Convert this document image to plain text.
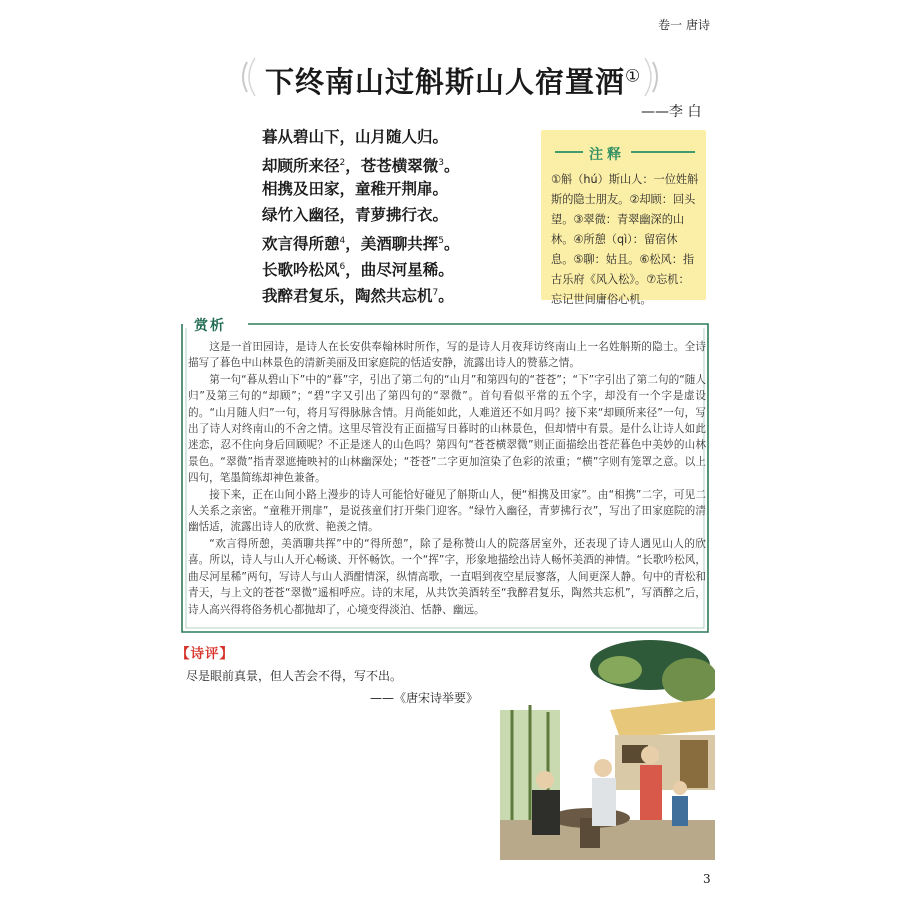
卷一 唐诗
下终南山过斛斯山人宿置酒①
——李 白
暮从碧山下，山月随人归。
却顾所来径$^2$，苍苍横翠微$^3$。
相携及田家，童稚开荆扉。
绿竹入幽径，青萝拂行衣。
欢言得所憩$^4$，美酒聊共挥$^5$。
长歌吟松风$^6$，曲尽河星稀。
我醉君复乐，陶然共忘机$^7$。
注释
①斛（hú）斯山人：一位姓斛斯的隐士朋友。②却顾：回头望。③翠微：青翠幽深的山林。④所憩（qì）：留宿休息。⑤聊：姑且。⑥松风：指古乐府《风入松》。⑦忘机：忘记世间庸俗心机。
赏析

这是一首田园诗，是诗人在长安供奉翰林时所作，写的是诗人月夜拜访终南山上一名姓斛斯的隐士。全诗描写了暮色中山林景色的清新美丽及田家庭院的恬适安静，流露出诗人的赞慕之情。

第一句“暮从碧山下”中的“暮”字，引出了第二句的“山月”和第四句的“苍苍”；“下”字引出了第二句的“随人归”及第三句的“却顾”；“碧”字又引出了第四句的“翠微”。首句看似平常的五个字，却没有一个字是虚设的。“山月随人归”一句，将月写得脉脉含情。月尚能如此，人难道还不如月吗？接下来“却顾所来径”一句，写出了诗人对终南山的不舍之情。这里尽管没有正面描写日暮时的山林景色，但却情中有景。是什么让诗人如此迷恋，忍不住向身后回顾呢？不正是迷人的山色吗？第四句“苍苍横翠微”则正面描绘出苍茫暮色中美妙的山林景色。“翠微”指青翠遮掩映衬的山林幽深处；“苍苍”二字更加渲染了色彩的浓重；“横”字则有笼罩之意。以上四句，笔墨简练却神色兼备。

接下来，正在山间小路上漫步的诗人可能恰好碰见了斛斯山人，便“相携及田家”。由“相携”二字，可见二人关系之亲密。“童稚开荆扉”，是说孩童们打开柴门迎客。“绿竹入幽径，青萝拂行衣”，写出了田家庭院的清幽恬适，流露出诗人的欣赏、艳羡之情。

“欢言得所憩，美酒聊共挥”中的“得所憩”，除了是称赞山人的院落居室外，还表现了诗人遇见山人的欣喜。所以，诗人与山人开心畅谈、开怀畅饮。一个“挥”字，形象地描绘出诗人畅怀美酒的神情。“长歌吟松风，曲尽河星稀”两句，写诗人与山人酒酣情深，纵情高歌，一直唱到夜空星辰寥落，人间更深人静。句中的青松和青天，与上文的苍苍“翠微”遥相呼应。诗的末尾，从共饮美酒转至“我醉君复乐，陶然共忘机”，写酒醉之后，诗人高兴得将俗务机心都抛却了，心境变得淡泊、恬静、幽远。

【诗评】
尽是眼前真景，但人苦会不得，写不出。
——《唐宋诗举要》
3
